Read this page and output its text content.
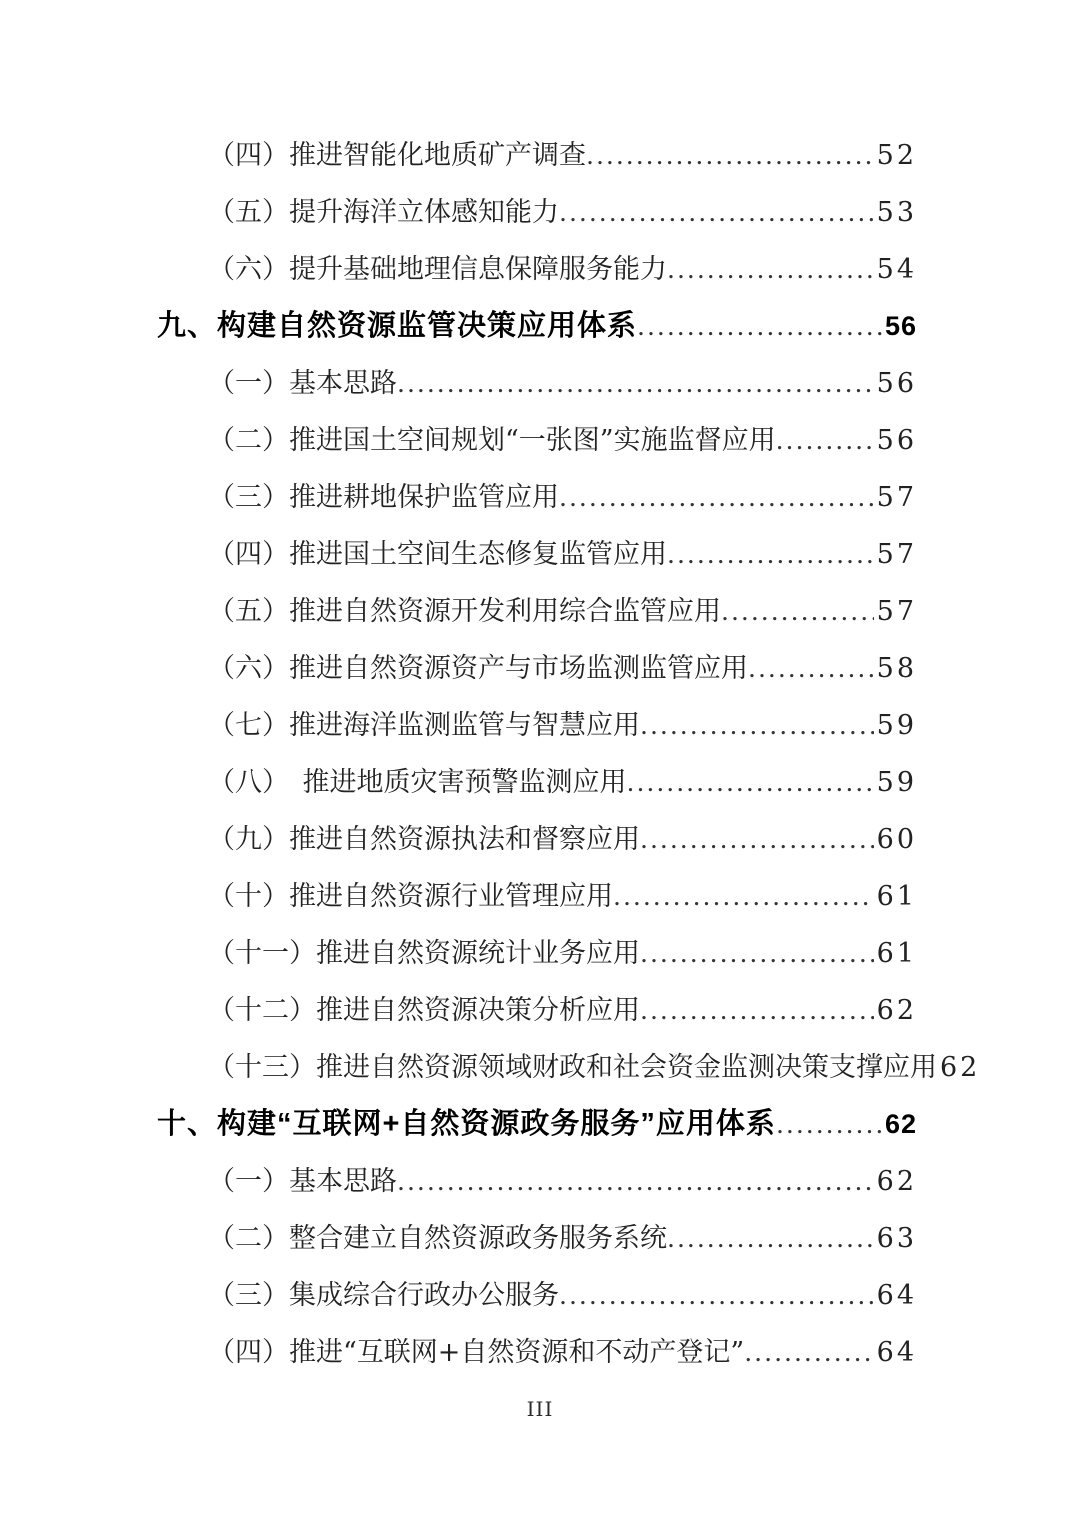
（四）推进智能化地质矿产调查 .....	52
（五）提升海洋立体感知能力 .....	53
（六）提升基础地理信息保障服务能力 .....	54
九、构建自然资源监管决策应用体系 .....	56
（一）基本思路 .....	56
（二）推进国土空间规划“一张图”实施监督应用 .....	56
（三）推进耕地保护监管应用 .....	57
（四）推进国土空间生态修复监管应用 .....	57
（五）推进自然资源开发利用综合监管应用 .....	57
（六）推进自然资源资产与市场监测监管应用 .....	58
（七）推进海洋监测监管与智慧应用 .....	59
（八）　推进地质灾害预警监测应用 .....	59
（九）推进自然资源执法和督察应用 .....	60
（十）推进自然资源行业管理应用 .....	61
（十一）推进自然资源统计业务应用 .....	61
（十二）推进自然资源决策分析应用 .....	62
（十三）推进自然资源领域财政和社会资金监测决策支撑应用 62
十、构建“互联网+自然资源政务服务”应用体系 .....	62
（一）基本思路 .....	62
（二）整合建立自然资源政务服务系统 .....	63
（三）集成综合行政办公服务 .....	64
（四）推进“互联网+自然资源和不动产登记” .....	64
III
